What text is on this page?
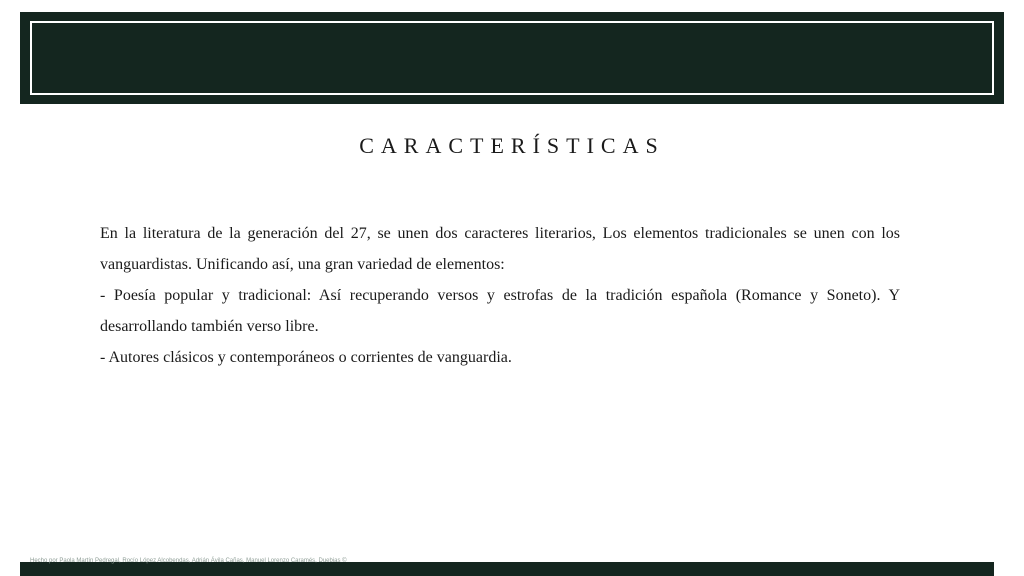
CARACTERÍSTICAS

En la literatura de la generación del 27, se unen dos caracteres literarios, Los elementos tradicionales se unen con los vanguardistas. Unificando así, una gran variedad de elementos:

- Poesía popular y tradicional: Así recuperando versos y estrofas de la tradición española (Romance y Soneto). Y desarrollando también verso libre.

- Autores clásicos y contemporáneos o corrientes de vanguardia.

Hecho por Paola Martín Pedregal, Rocío López Alcobendas, Adrián Ávila Cañas, Manuel Lorenzo Caramés, Duebias ©
